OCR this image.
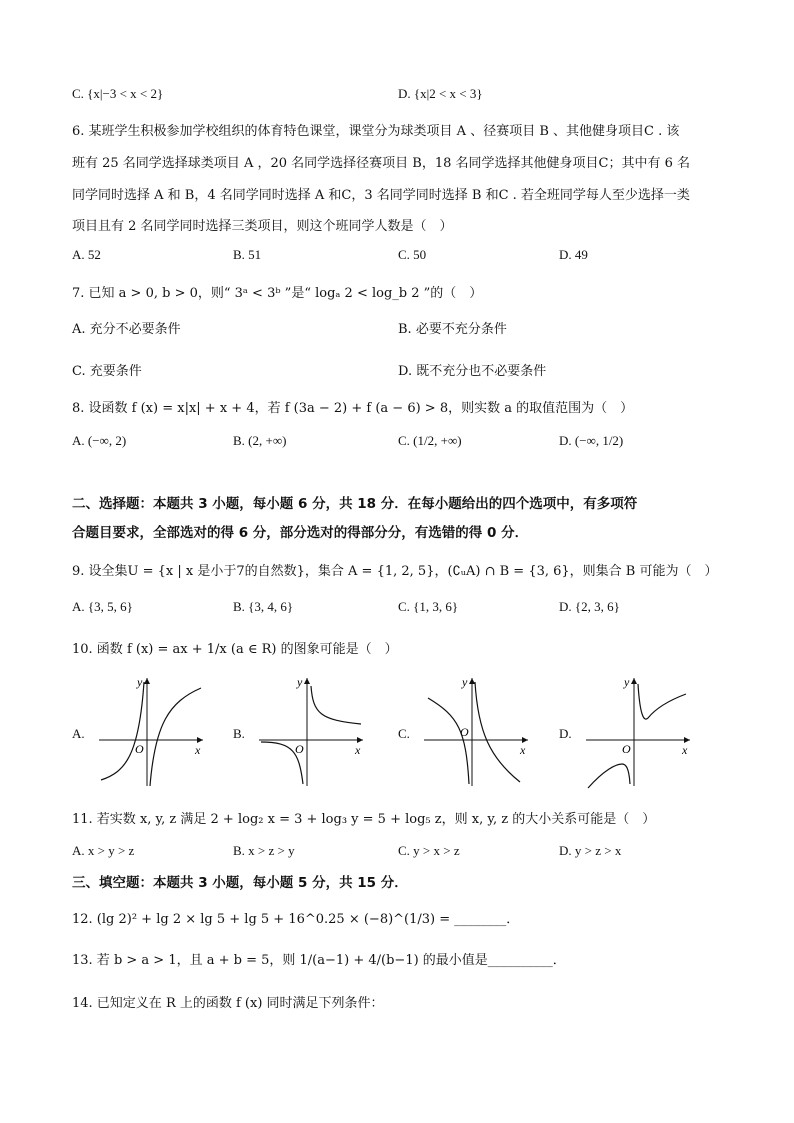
C. {x|−3 < x < 2}	D. {x|2 < x < 3}
6. 某班学生积极参加学校组织的体育特色课堂，课堂分为球类项目 A 、径赛项目 B 、其他健身项目C . 该
班有 25 名同学选择球类项目 A ，20 名同学选择径赛项目 B，18 名同学选择其他健身项目C；其中有 6 名
同学同时选择 A 和 B，4 名同学同时选择 A 和C，3 名同学同时选择 B 和C . 若全班同学每人至少选择一类
项目且有 2 名同学同时选择三类项目，则这个班同学人数是（　）
A. 52	B. 51	C. 50	D. 49
7. 已知 a > 0, b > 0，则“ 3ᵃ < 3ᵇ ”是“ logₐ 2 < log_b 2 ”的（　）
A. 充分不必要条件	B. 必要不充分条件
C. 充要条件	D. 既不充分也不必要条件
8. 设函数 f (x) = x|x| + x + 4，若 f (3a − 2) + f (a − 6) > 8，则实数 a 的取值范围为（　）
A. (−∞, 2)	B. (2, +∞)	C. (1/2, +∞)	D. (−∞, 1/2)
二、选择题：本题共 3 小题，每小题 6 分，共 18 分．在每小题给出的四个选项中，有多项符
合题目要求，全部选对的得 6 分，部分选对的得部分分，有选错的得 0 分．
9. 设全集U = {x | x 是小于7的自然数}，集合 A = {1, 2, 5}，(∁ᵤA) ∩ B = {3, 6}，则集合 B 可能为（　）
A. {3, 5, 6}	B. {3, 4, 6}	C. {1, 3, 6}	D. {2, 3, 6}
10. 函数 f (x) = ax + 1/x (a ∈ R) 的图象可能是（　）
A.	B.	C.	D.
y
x
O
y
x
O
y
x
O
y
x
O
11. 若实数 x, y, z 满足 2 + log₂ x = 3 + log₃ y = 5 + log₅ z，则 x, y, z 的大小关系可能是（　）
A. x > y > z	B. x > z > y	C. y > x > z	D. y > z > x
三、填空题：本题共 3 小题，每小题 5 分，共 15 分．
12. (lg 2)² + lg 2 × lg 5 + lg 5 + 16^0.25 × (−8)^(1/3) = ________．
13. 若 b > a > 1，且 a + b = 5，则 1/(a−1) + 4/(b−1) 的最小值是__________．
14. 已知定义在 R 上的函数 f (x) 同时满足下列条件：
